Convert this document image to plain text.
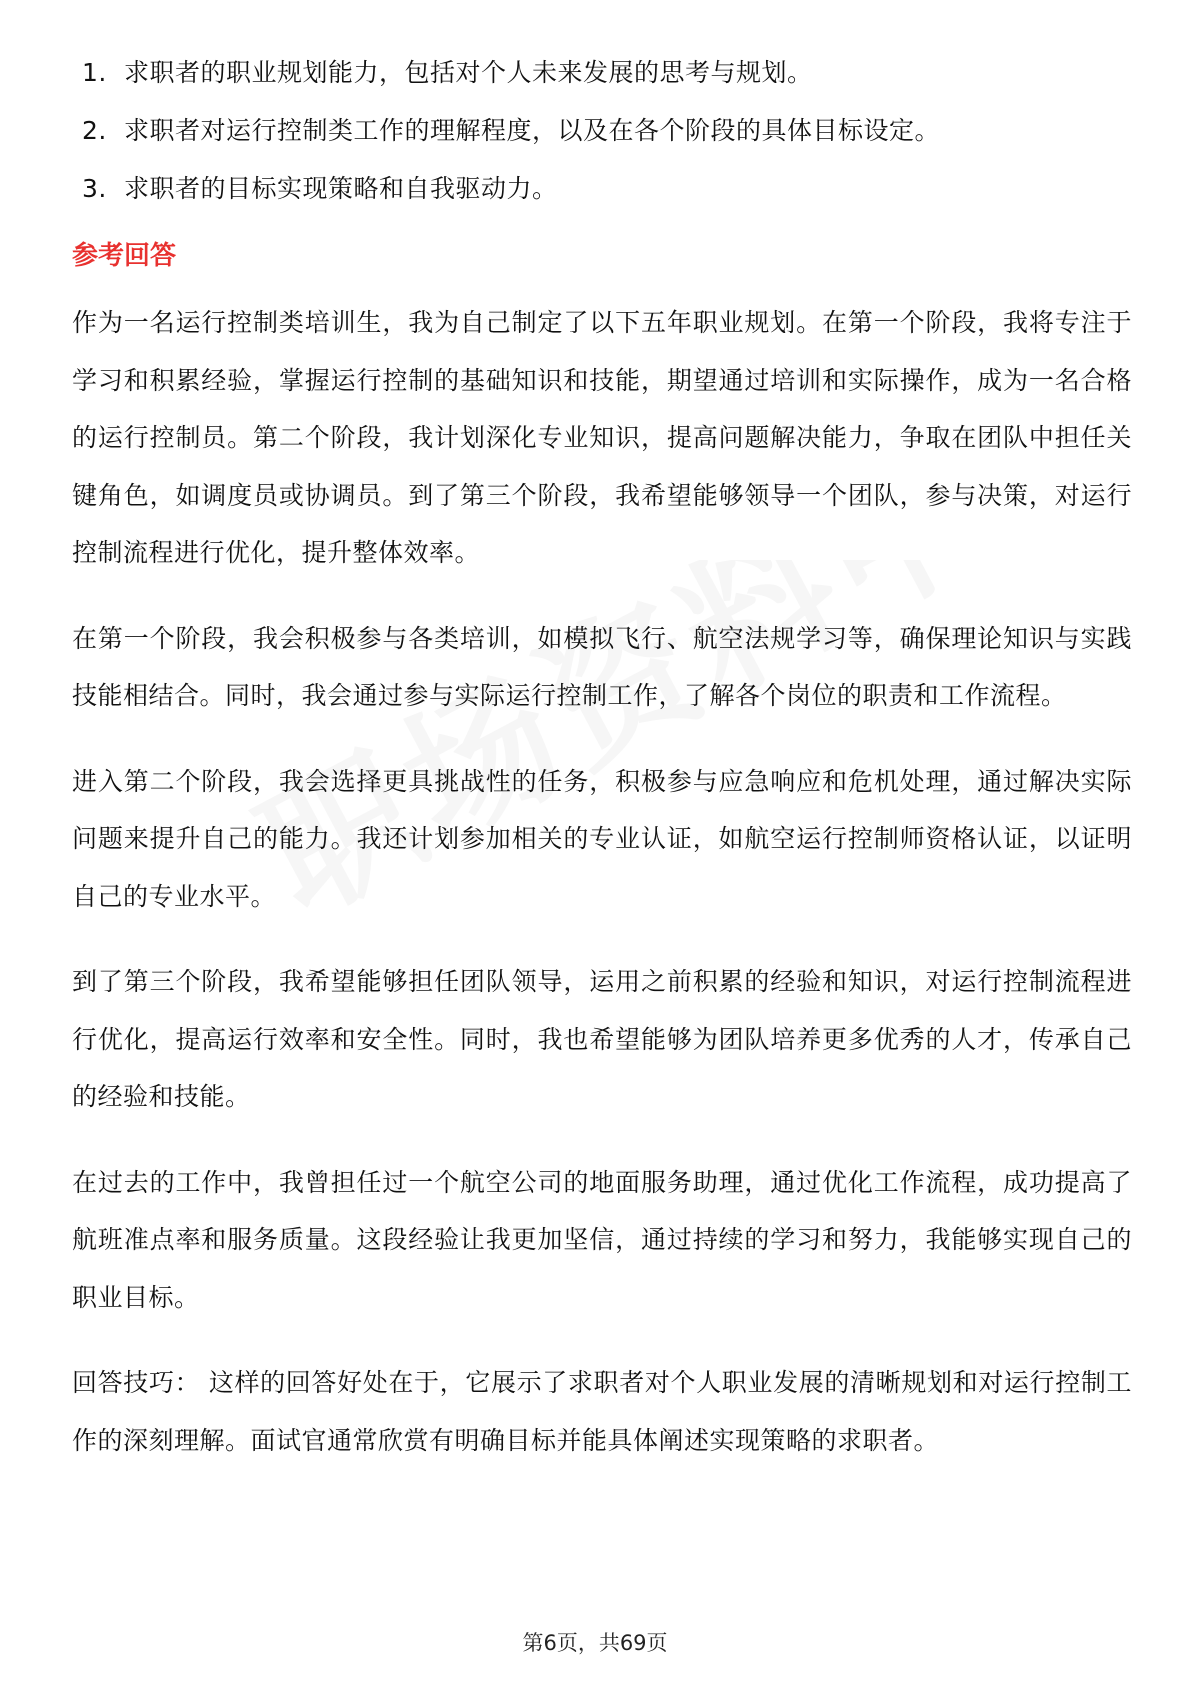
1. 求职者的职业规划能力，包括对个人未来发展的思考与规划。
2. 求职者对运行控制类工作的理解程度，以及在各个阶段的具体目标设定。
3. 求职者的目标实现策略和自我驱动力。
参考回答

作为一名运行控制类培训生，我为自己制定了以下五年职业规划。在第一个阶段，我将专注于学习和积累经验，掌握运行控制的基础知识和技能，期望通过培训和实际操作，成为一名合格的运行控制员。第二个阶段，我计划深化专业知识，提高问题解决能力，争取在团队中担任关键角色，如调度员或协调员。到了第三个阶段，我希望能够领导一个团队，参与决策，对运行控制流程进行优化，提升整体效率。

在第一个阶段，我会积极参与各类培训，如模拟飞行、航空法规学习等，确保理论知识与实践技能相结合。同时，我会通过参与实际运行控制工作，了解各个岗位的职责和工作流程。

进入第二个阶段，我会选择更具挑战性的任务，积极参与应急响应和危机处理，通过解决实际问题来提升自己的能力。我还计划参加相关的专业认证，如航空运行控制师资格认证，以证明自己的专业水平。

到了第三个阶段，我希望能够担任团队领导，运用之前积累的经验和知识，对运行控制流程进行优化，提高运行效率和安全性。同时，我也希望能够为团队培养更多优秀的人才，传承自己的经验和技能。

在过去的工作中，我曾担任过一个航空公司的地面服务助理，通过优化工作流程，成功提高了航班准点率和服务质量。这段经验让我更加坚信，通过持续的学习和努力，我能够实现自己的职业目标。

回答技巧： 这样的回答好处在于，它展示了求职者对个人职业发展的清晰规划和对运行控制工作的深刻理解。面试官通常欣赏有明确目标并能具体阐述实现策略的求职者。

第6页，共69页
